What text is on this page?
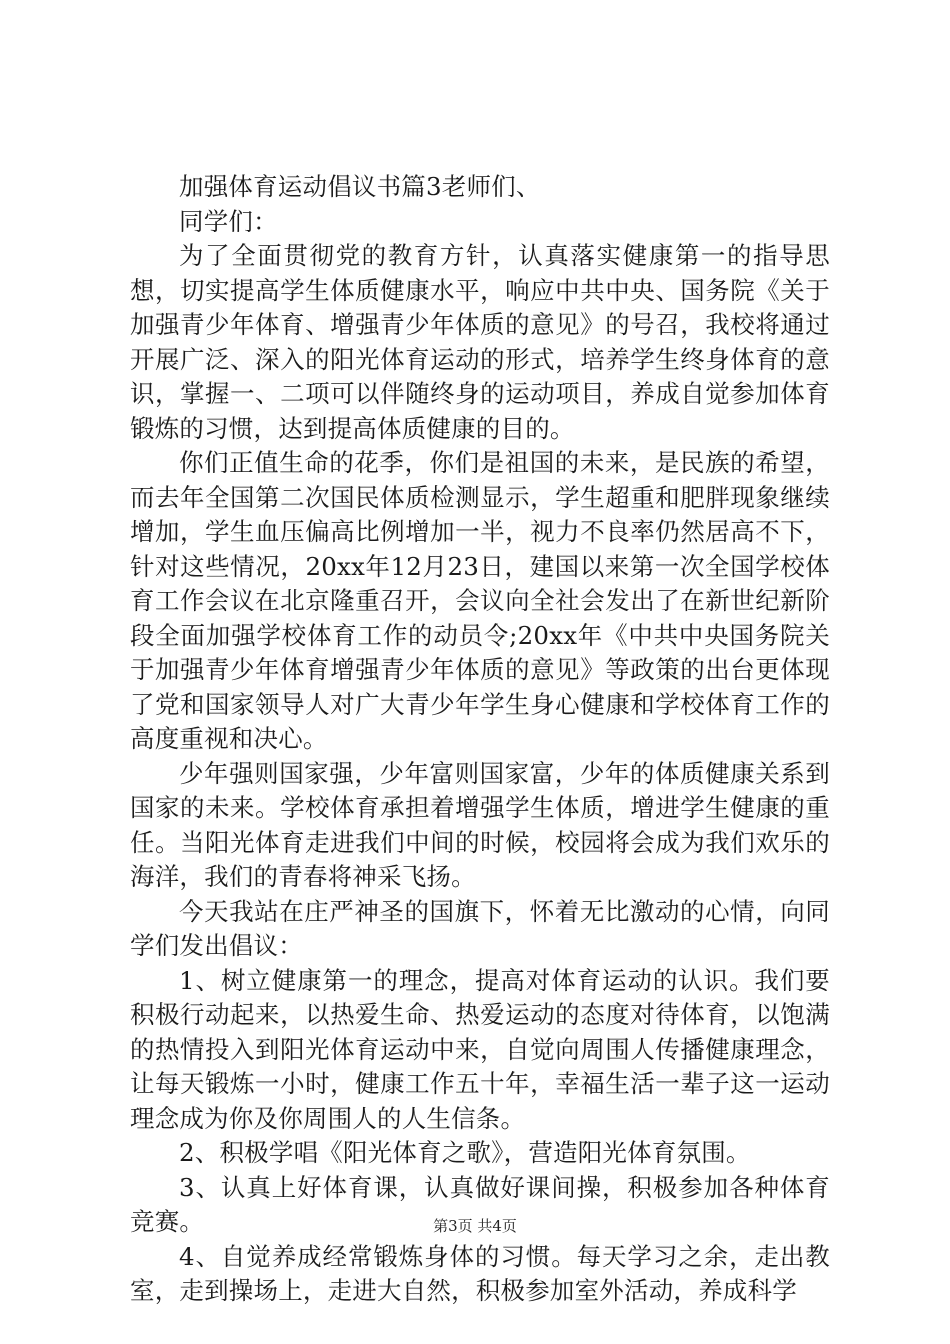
加强体育运动倡议书篇3老师们、

同学们：

为了全面贯彻党的教育方针，认真落实健康第一的指导思想，切实提高学生体质健康水平，响应中共中央、国务院《关于加强青少年体育、增强青少年体质的意见》的号召，我校将通过开展广泛、深入的阳光体育运动的形式，培养学生终身体育的意识，掌握一、二项可以伴随终身的运动项目，养成自觉参加体育锻炼的习惯，达到提高体质健康的目的。

你们正值生命的花季，你们是祖国的未来，是民族的希望，而去年全国第二次国民体质检测显示，学生超重和肥胖现象继续增加，学生血压偏高比例增加一半，视力不良率仍然居高不下，针对这些情况，20xx年12月23日，建国以来第一次全国学校体育工作会议在北京隆重召开，会议向全社会发出了在新世纪新阶段全面加强学校体育工作的动员令;20xx年《中共中央国务院关于加强青少年体育增强青少年体质的意见》等政策的出台更体现了党和国家领导人对广大青少年学生身心健康和学校体育工作的高度重视和决心。

少年强则国家强，少年富则国家富，少年的体质健康关系到国家的未来。学校体育承担着增强学生体质，增进学生健康的重任。当阳光体育走进我们中间的时候，校园将会成为我们欢乐的海洋，我们的青春将神采飞扬。

今天我站在庄严神圣的国旗下，怀着无比激动的心情，向同学们发出倡议：

1、树立健康第一的理念，提高对体育运动的认识。我们要积极行动起来，以热爱生命、热爱运动的态度对待体育，以饱满的热情投入到阳光体育运动中来，自觉向周围人传播健康理念，让每天锻炼一小时，健康工作五十年，幸福生活一辈子这一运动理念成为你及你周围人的人生信条。

2、积极学唱《阳光体育之歌》，营造阳光体育氛围。

3、认真上好体育课，认真做好课间操，积极参加各种体育竞赛。

4、自觉养成经常锻炼身体的习惯。每天学习之余，走出教室，走到操场上，走进大自然，积极参加室外活动，养成科学

第3页 共4页
